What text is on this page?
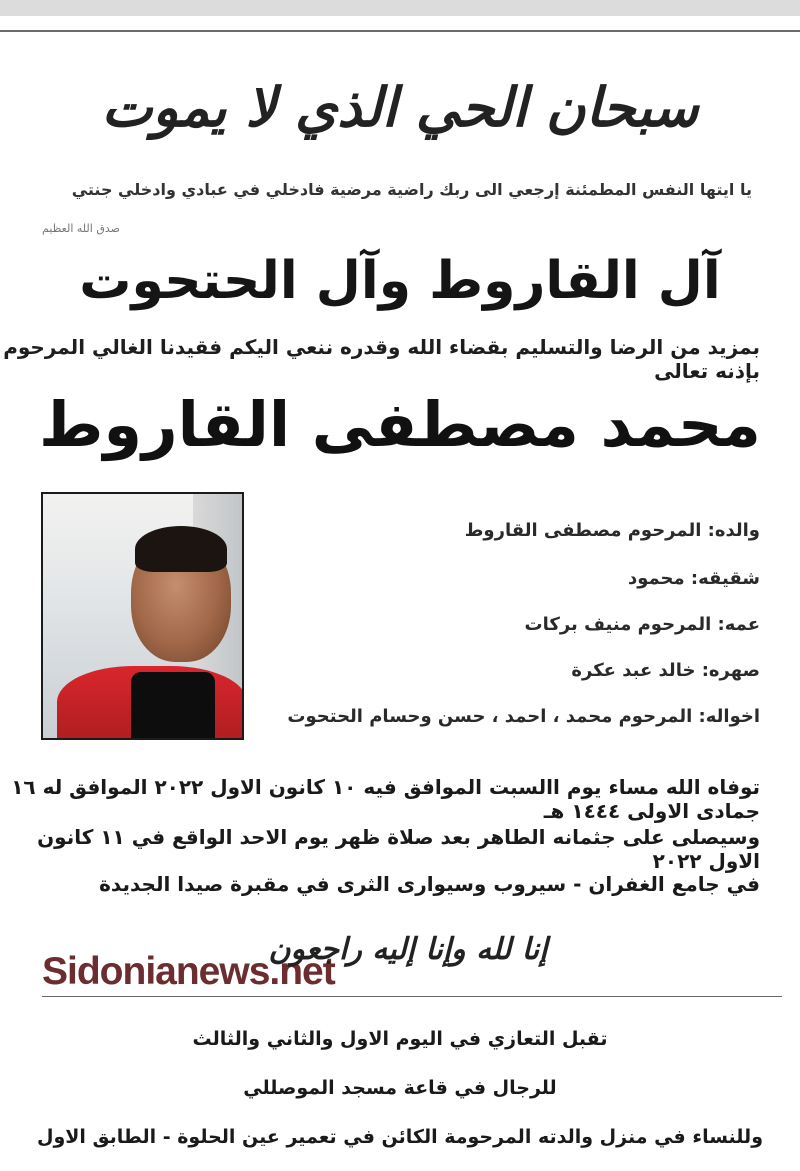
سبحان الحي الذي لا يموت
يا ايتها النفس المطمئنة إرجعي الى ربك راضية مرضية فادخلي في عبادي وادخلي جنتي
صدق الله العظيم
آل القاروط وآل الحتحوت
بمزيد من الرضا والتسليم بقضاء الله وقدره ننعي اليكم فقيدنا الغالي المرحوم بإذنه تعالى
محمد مصطفى القاروط
والده: المرحوم مصطفى القاروط
شقيقه: محمود
عمه: المرحوم منيف بركات
صهره: خالد عبد عكرة
اخواله: المرحوم محمد ، احمد ، حسن وحسام الحتحوت
توفاه الله مساء يوم االسبت الموافق فيه ١٠ كانون الاول ٢٠٢٢ الموافق له ١٦ جمادى الاولى ١٤٤٤ هـ
وسيصلى على جثمانه الطاهر بعد صلاة ظهر يوم الاحد الواقع في ١١ كانون الاول ٢٠٢٢
في جامع الغفران - سيروب وسيوارى الثرى في مقبرة صيدا الجديدة
Sidonianews.net
إنا لله وإنا إليه راجعون
تقبل التعازي في اليوم الاول والثاني والثالث
للرجال في قاعة مسجد الموصللي
وللنساء في منزل والدته المرحومة الكائن في تعمير عين الحلوة - الطابق الاول
